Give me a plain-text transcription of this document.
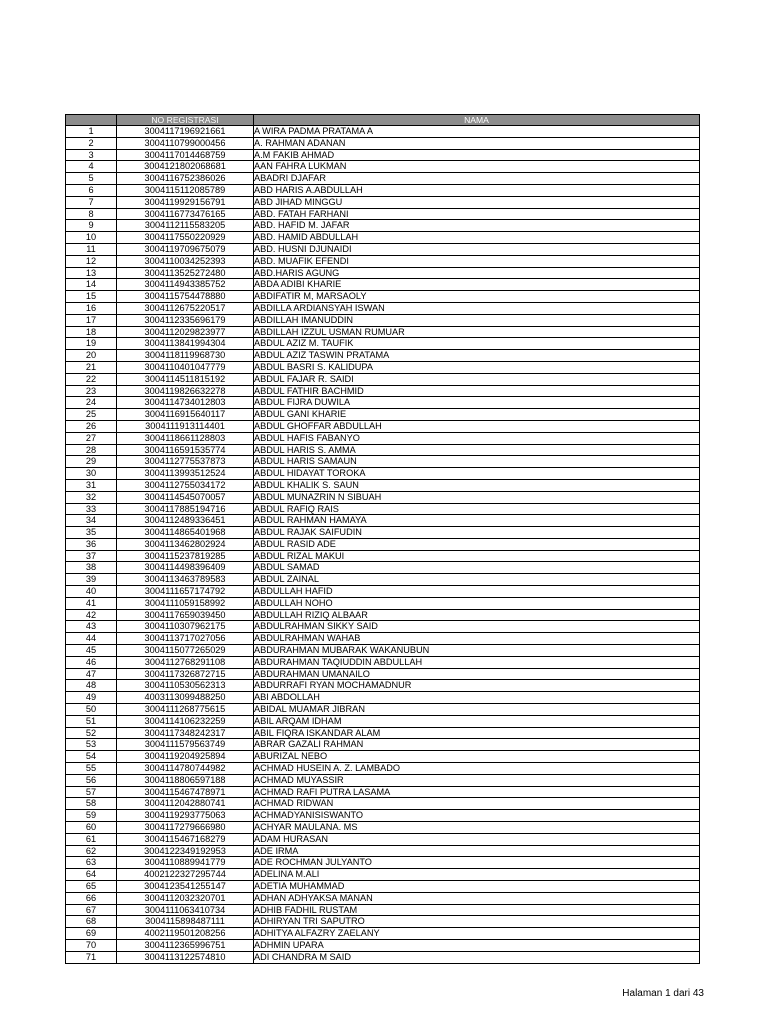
	NO REGISTRASI	NAMA
1	3004117196921661	A WIRA PADMA PRATAMA A
2	3004110799000456	A. RAHMAN ADANAN
3	3004117014468759	A.M FAKIB AHMAD
4	3004121802068681	AAN FAHRA LUKMAN
5	3004116752386026	ABADRI DJAFAR
6	3004115112085789	ABD HARIS A.ABDULLAH
7	3004119929156791	ABD JIHAD MINGGU
8	3004116773476165	ABD. FATAH FARHANI
9	3004112115583205	ABD. HAFID M. JAFAR
10	3004117550220929	ABD. HAMID ABDULLAH
11	3004119709675079	ABD. HUSNI DJUNAIDI
12	3004110034252393	ABD. MUAFIK EFENDI
13	3004113525272480	ABD.HARIS AGUNG
14	3004114943385752	ABDA ADIBI KHARIE
15	3004115754478880	ABDIFATIR M, MARSAOLY
16	3004112675220517	ABDILLA ARDIANSYAH ISWAN
17	3004112335696179	ABDILLAH IMANUDDIN
18	3004112029823977	ABDILLAH IZZUL USMAN RUMUAR
19	3004113841994304	ABDUL AZIZ M. TAUFIK
20	3004118119968730	ABDUL AZIZ TASWIN PRATAMA
21	3004110401047779	ABDUL BASRI S. KALIDUPA
22	3004114511815192	ABDUL FAJAR R. SAIDI
23	3004119826632278	ABDUL FATHIR BACHMID
24	3004114734012803	ABDUL FIJRA DUWILA
25	3004116915640117	ABDUL GANI KHARIE
26	3004111913114401	ABDUL GHOFFAR ABDULLAH
27	3004118661128803	ABDUL HAFIS FABANYO
28	3004116591535774	ABDUL HARIS S. AMMA
29	3004112775537873	ABDUL HARIS SAMAUN
30	3004113993512524	ABDUL HIDAYAT TOROKA
31	3004112755034172	ABDUL KHALIK S. SAUN
32	3004114545070057	ABDUL MUNAZRIN N SIBUAH
33	3004117885194716	ABDUL RAFIQ RAIS
34	3004112489336451	ABDUL RAHMAN HAMAYA
35	3004114865401968	ABDUL RAJAK SAIFUDIN
36	3004113462802924	ABDUL RASID ADE
37	3004115237819285	ABDUL RIZAL MAKUI
38	3004114498396409	ABDUL SAMAD
39	3004113463789583	ABDUL ZAINAL
40	3004111657174792	ABDULLAH HAFID
41	3004111059158992	ABDULLAH NOHO
42	3004117659039450	ABDULLAH RIZIQ ALBAAR
43	3004110307962175	ABDULRAHMAN SIKKY SAID
44	3004113717027056	ABDULRAHMAN WAHAB
45	3004115077265029	ABDURAHMAN MUBARAK WAKANUBUN
46	3004112768291108	ABDURAHMAN TAQIUDDIN ABDULLAH
47	3004117326872715	ABDURAHMAN UMANAILO
48	3004110530562313	ABDURRAFI RYAN MOCHAMADNUR
49	4003113099488250	ABI ABDOLLAH
50	3004111268775615	ABIDAL MUAMAR JIBRAN
51	3004114106232259	ABIL ARQAM IDHAM
52	3004117348242317	ABIL FIQRA ISKANDAR ALAM
53	3004111579563749	ABRAR GAZALI RAHMAN
54	3004119204925894	ABURIZAL NEBO
55	3004114780744982	ACHMAD HUSEIN A. Z. LAMBADO
56	3004118806597188	ACHMAD MUYASSIR
57	3004115467478971	ACHMAD RAFI PUTRA LASAMA
58	3004112042880741	ACHMAD RIDWAN
59	3004119293775063	ACHMADYANISISWANTO
60	3004117279666980	ACHYAR MAULANA. MS
61	3004115467168279	ADAM HURASAN
62	3004122349192953	ADE IRMA
63	3004110889941779	ADE ROCHMAN JULYANTO
64	4002122327295744	ADELINA M.ALI
65	3004123541255147	ADETIA MUHAMMAD
66	3004112032320701	ADHAN ADHYAKSA MANAN
67	3004111063410734	ADHIB FADHIL RUSTAM
68	3004115898487111	ADHIRYAN TRI SAPUTRO
69	4002119501208256	ADHITYA ALFAZRY ZAELANY
70	3004112365996751	ADHMIN UPARA
71	3004113122574810	ADI CHANDRA M SAID
Halaman 1 dari 43
